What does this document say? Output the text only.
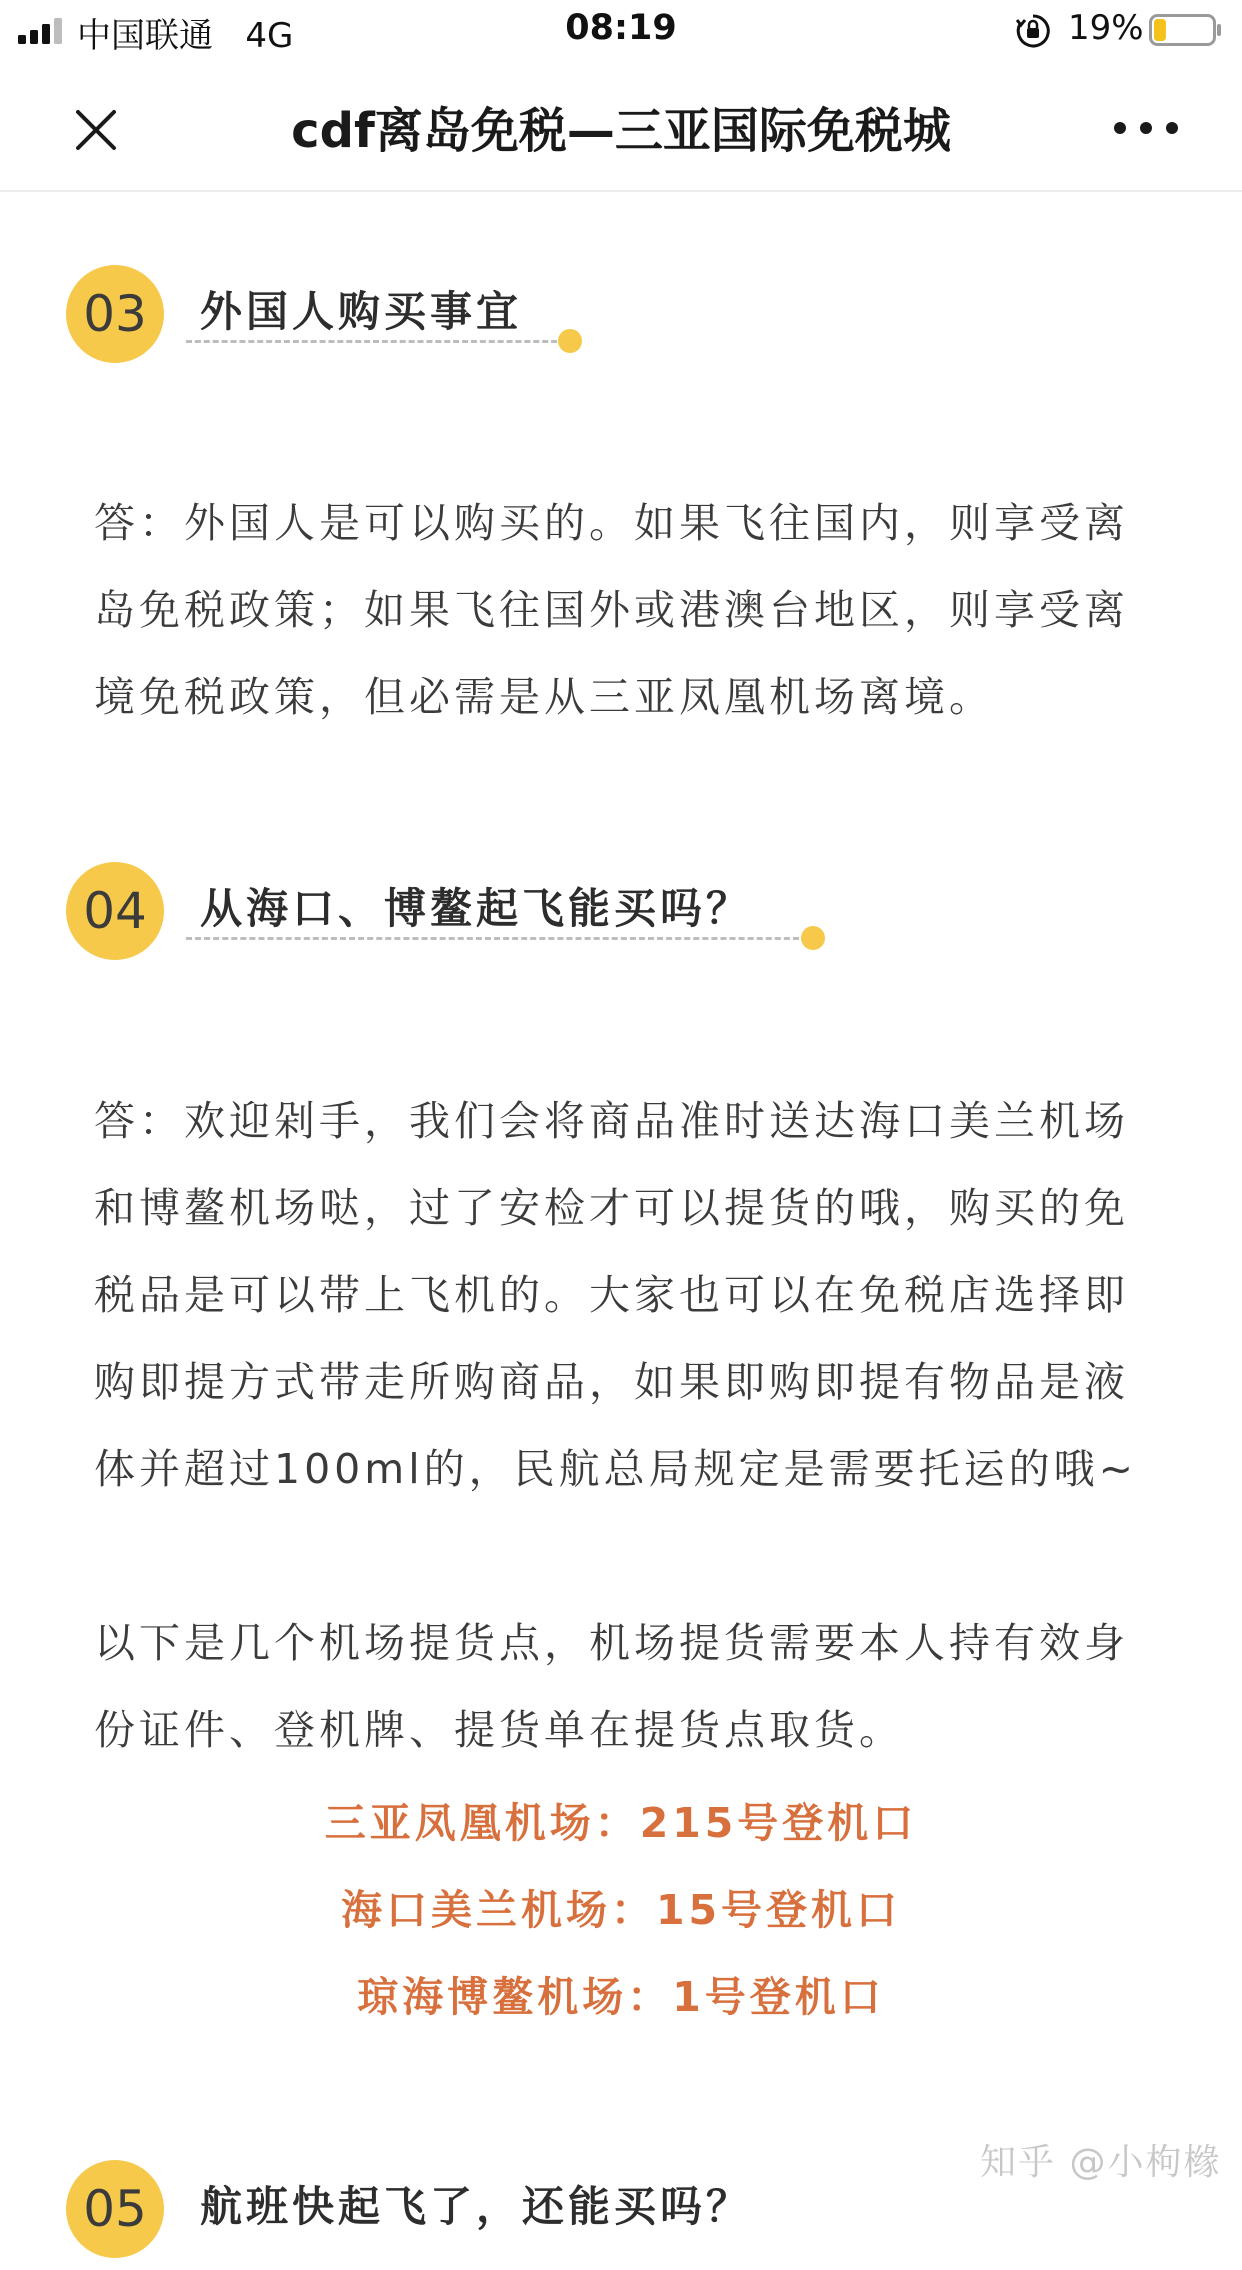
中国联通   4G	08:19	19%
cdf离岛免税—三亚国际免税城
03	外国人购买事宜
答：外国人是可以购买的。如果飞往国内，则享受离岛免税政策；如果飞往国外或港澳台地区，则享受离境免税政策，但必需是从三亚凤凰机场离境。
04	从海口、博鳌起飞能买吗？
答：欢迎剁手，我们会将商品准时送达海口美兰机场和博鳌机场哒，过了安检才可以提货的哦，购买的免税品是可以带上飞机的。大家也可以在免税店选择即购即提方式带走所购商品，如果即购即提有物品是液体并超过100ml的，民航总局规定是需要托运的哦~
以下是几个机场提货点，机场提货需要本人持有效身份证件、登机牌、提货单在提货点取货。
三亚凤凰机场：215号登机口
海口美兰机场：15号登机口
琼海博鳌机场：1号登机口
05	航班快起飞了，还能买吗？
知乎 @小枸橼
